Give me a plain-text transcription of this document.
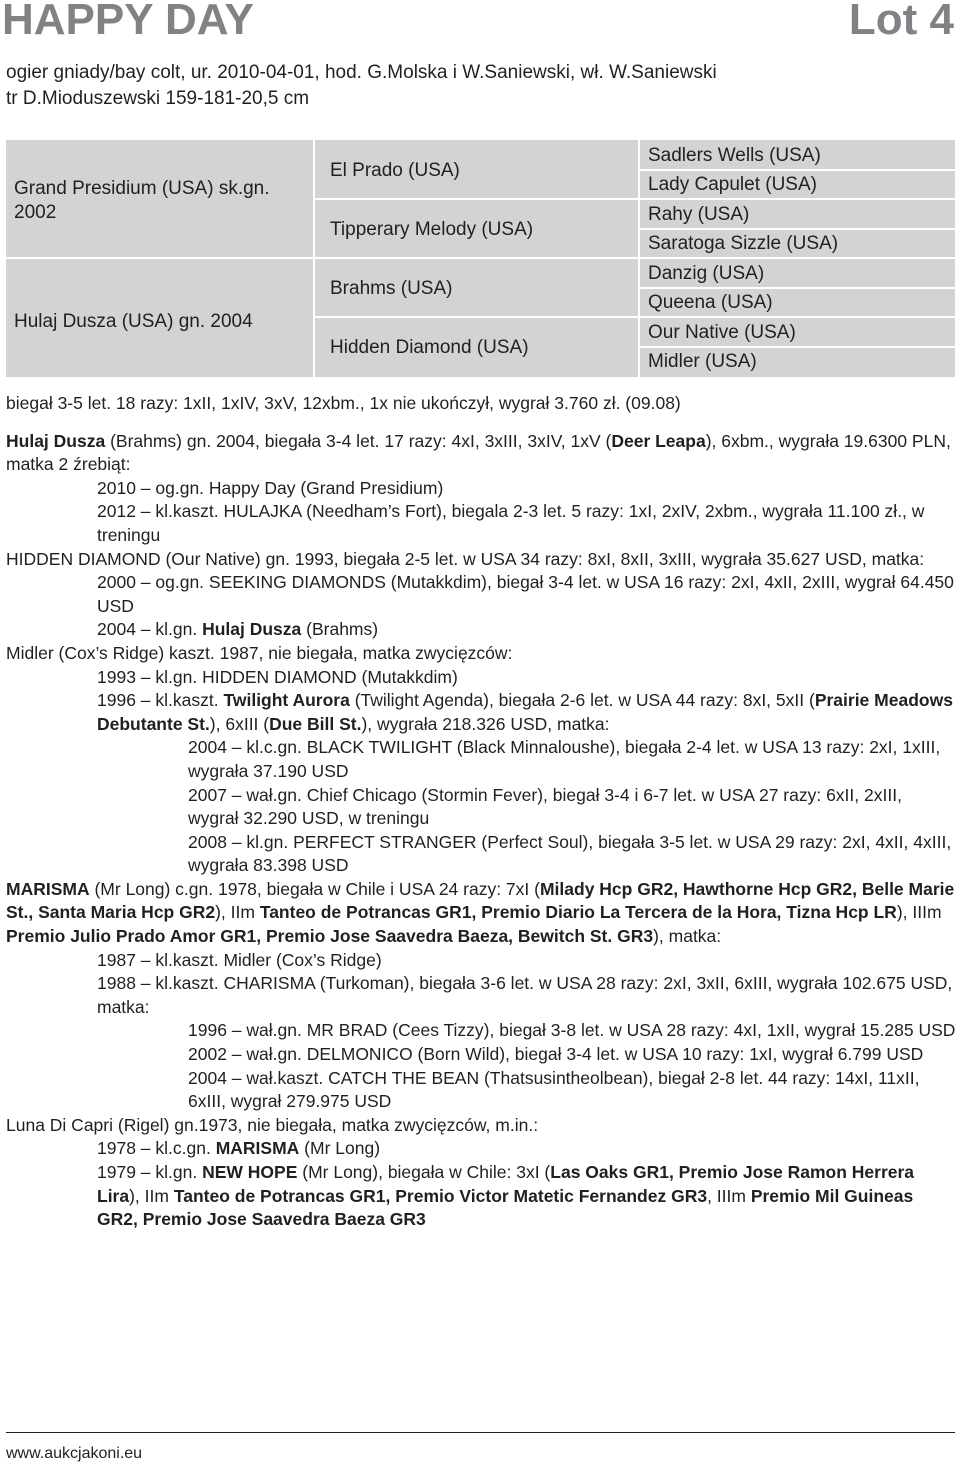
HAPPY DAY	Lot 4
ogier gniady/bay colt, ur. 2010-04-01, hod. G.Molska i W.Saniewski, wł. W.Saniewski
tr D.Mioduszewski 159-181-20,5 cm
Grand Presidium (USA) sk.gn.
2002
Hulaj Dusza (USA) gn. 2004
El Prado (USA)
Tipperary Melody (USA)
Brahms (USA)
Hidden Diamond (USA)
Sadlers Wells (USA)
Lady Capulet (USA)
Rahy (USA)
Saratoga Sizzle (USA)
Danzig (USA)
Queena (USA)
Our Native (USA)
Midler (USA)

biegał 3-5 let. 18 razy: 1xII, 1xIV, 3xV, 12xbm., 1x nie ukończył, wygrał 3.760 zł. (09.08)

Hulaj Dusza (Brahms) gn. 2004, biegała 3-4 let. 17 razy: 4xI, 3xIII, 3xIV, 1xV (Deer Leapa), 6xbm., wygrała 19.6300 PLN, matka 2 źrebiąt:

2010 – og.gn. Happy Day (Grand Presidium)

2012 – kl.kaszt. HULAJKA (Needham’s Fort), biegala 2-3 let. 5 razy: 1xI, 2xIV, 2xbm., wygrała 11.100 zł., w treningu

HIDDEN DIAMOND (Our Native) gn. 1993, biegała 2-5 let. w USA 34 razy: 8xI, 8xII, 3xIII, wygrała 35.627 USD, matka:

2000 – og.gn. SEEKING DIAMONDS (Mutakkdim), biegał 3-4 let. w USA 16 razy: 2xI, 4xII, 2xIII, wygrał 64.450 USD

2004 – kl.gn. Hulaj Dusza (Brahms)

Midler (Cox’s Ridge) kaszt. 1987, nie biegała, matka zwycięzców:

1993 – kl.gn. HIDDEN DIAMOND (Mutakkdim)

1996 – kl.kaszt. Twilight Aurora (Twilight Agenda), biegała 2-6 let. w USA 44 razy: 8xI, 5xII (Prairie Meadows Debutante St.), 6xIII (Due Bill St.), wygrała 218.326 USD, matka:

2004 – kl.c.gn. BLACK TWILIGHT (Black Minnaloushe), biegała 2-4 let. w USA 13 razy: 2xI, 1xIII, wygrała 37.190 USD

2007 – wał.gn. Chief Chicago (Stormin Fever), biegał 3-4 i 6-7 let. w USA 27 razy: 6xII, 2xIII, wygrał 32.290 USD, w treningu

2008 – kl.gn. PERFECT STRANGER (Perfect Soul), biegała 3-5 let. w USA 29 razy: 2xI, 4xII, 4xIII, wygrała 83.398 USD

MARISMA (Mr Long) c.gn. 1978, biegała w Chile i USA 24 razy: 7xI (Milady Hcp GR2, Hawthorne Hcp GR2, Belle Marie St., Santa Maria Hcp GR2), IIm Tanteo de Potrancas GR1, Premio Diario La Tercera de la Hora, Tizna Hcp LR), IIIm Premio Julio Prado Amor GR1, Premio Jose Saavedra Baeza, Bewitch St. GR3), matka:

1987 – kl.kaszt. Midler (Cox’s Ridge)

1988 – kl.kaszt. CHARISMA (Turkoman), biegała 3-6 let. w USA 28 razy: 2xI, 3xII, 6xIII, wygrała 102.675 USD, matka:

1996 – wał.gn. MR BRAD (Cees Tizzy), biegał 3-8 let. w USA 28 razy: 4xI, 1xII, wygrał 15.285 USD

2002 – wał.gn. DELMONICO (Born Wild), biegał 3-4 let. w USA 10 razy: 1xI, wygrał 6.799 USD

2004 – wał.kaszt. CATCH THE BEAN (Thatsusintheolbean), biegał 2-8 let. 44 razy: 14xI, 11xII, 6xIII, wygrał 279.975 USD

Luna Di Capri (Rigel) gn.1973, nie biegała, matka zwycięzców, m.in.:

1978 – kl.c.gn. MARISMA (Mr Long)

1979 – kl.gn. NEW HOPE (Mr Long), biegała w Chile: 3xI (Las Oaks GR1, Premio Jose Ramon Herrera Lira), IIm Tanteo de Potrancas GR1, Premio Victor Matetic Fernandez GR3, IIIm Premio Mil Guineas GR2, Premio Jose Saavedra Baeza GR3

www.aukcjakoni.eu
